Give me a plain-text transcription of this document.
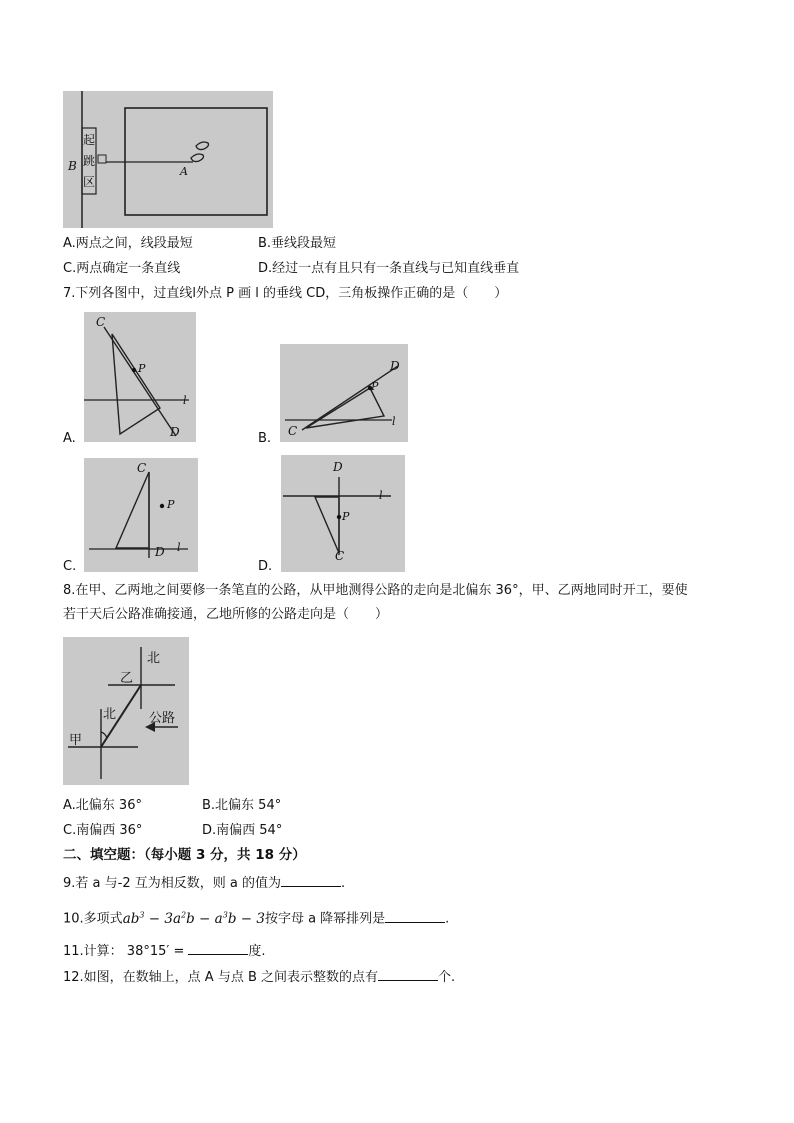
B	A
起
跳
区
A.两点之间，线段最短	B.垂线段最短
C.两点确定一条直线	D.经过一点有且只有一条直线与已知直线垂直
7.下列各图中，过直线l外点 P 画 l 的垂线 CD，三角板操作正确的是（　　）
A.
C
P
l
D	B.
D
P
l
C
C.
C
P
D l
D.
D
l
P
C
8.在甲、乙两地之间要修一条笔直的公路，从甲地测得公路的走向是北偏东 36°，甲、乙两地同时开工，要使
若干天后公路准确接通，乙地所修的公路走向是（　　）
北
乙
北	公路
甲
A.北偏东 36°	B.北偏东 54°
C.南偏西 36°	D.南偏西 54°
二、填空题：（每小题 3 分，共 18 分）
9.若 a 与-2 互为相反数，则 a 的值为	.
10.多项式$ab^3 - 3a^2b - a^3b - 3$按字母 a 降幂排列是	.
11.计算： 38°15′ =	度.
12.如图，在数轴上，点 A 与点 B 之间表示整数的点有	个.
